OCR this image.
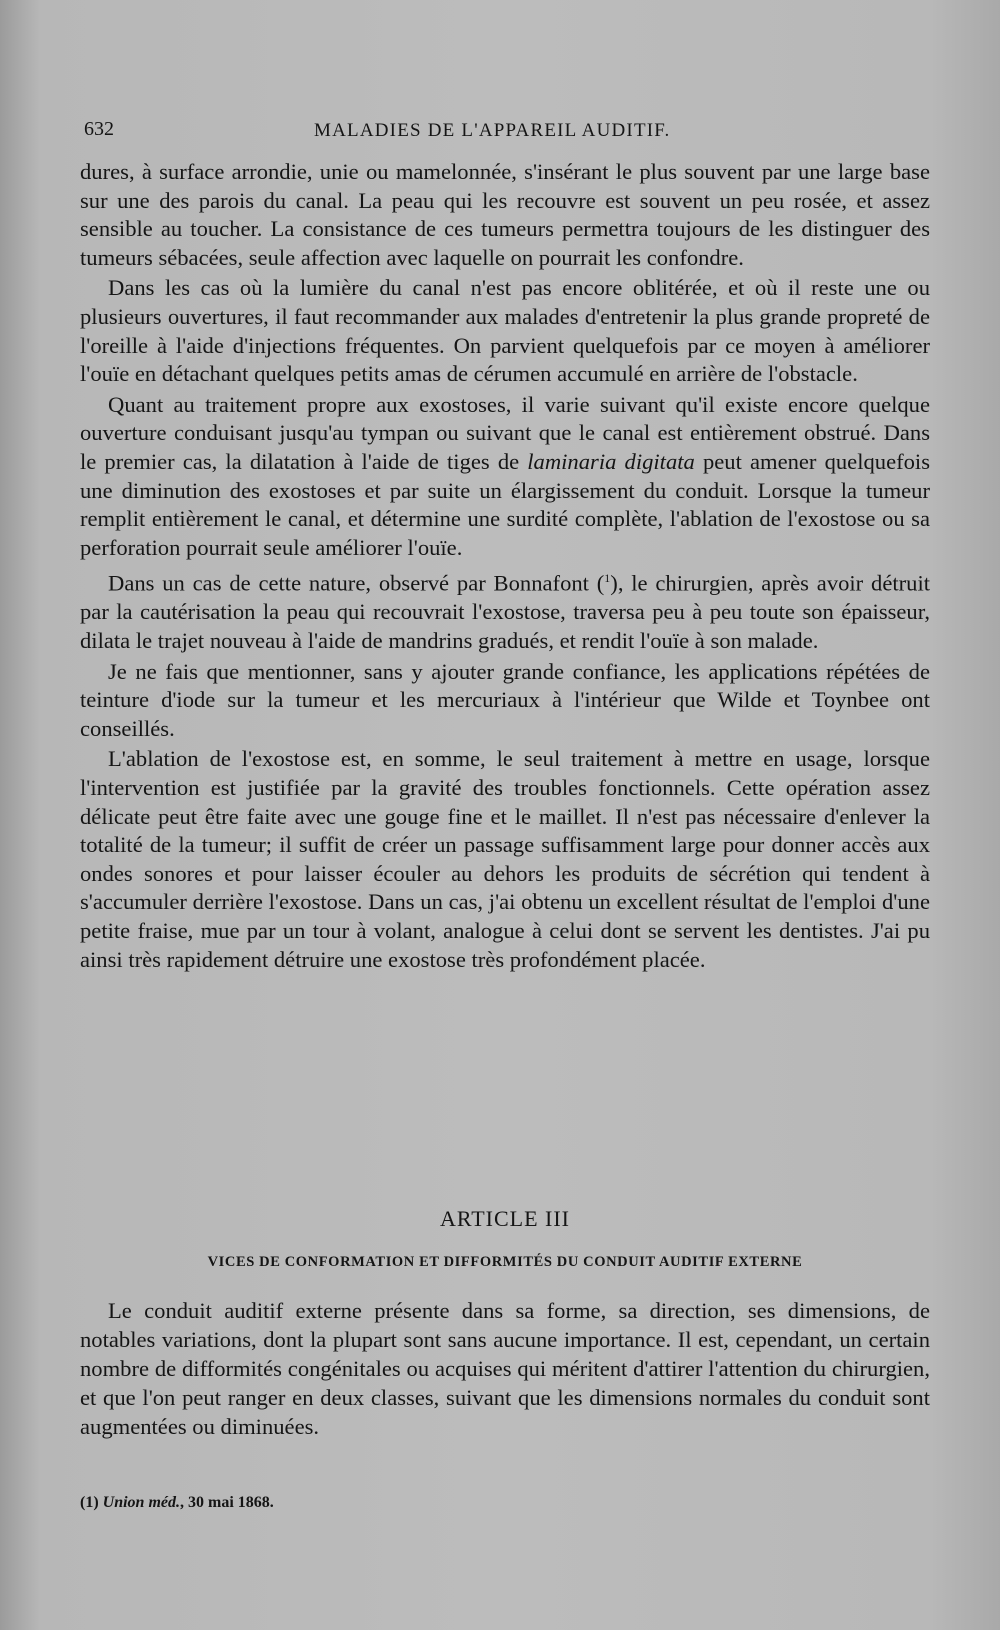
632	MALADIES DE L'APPAREIL AUDITIF.

dures, à surface arrondie, unie ou mamelonnée, s'insérant le plus souvent par une large base sur une des parois du canal. La peau qui les recouvre est souvent un peu rosée, et assez sensible au toucher. La consistance de ces tumeurs permettra toujours de les distinguer des tumeurs sébacées, seule affection avec laquelle on pourrait les confondre.

Dans les cas où la lumière du canal n'est pas encore oblitérée, et où il reste une ou plusieurs ouvertures, il faut recommander aux malades d'entretenir la plus grande propreté de l'oreille à l'aide d'injections fréquentes. On parvient quelquefois par ce moyen à améliorer l'ouïe en détachant quelques petits amas de cérumen accumulé en arrière de l'obstacle.

Quant au traitement propre aux exostoses, il varie suivant qu'il existe encore quelque ouverture conduisant jusqu'au tympan ou suivant que le canal est entièrement obstrué. Dans le premier cas, la dilatation à l'aide de tiges de laminaria digitata peut amener quelquefois une diminution des exostoses et par suite un élargissement du conduit. Lorsque la tumeur remplit entièrement le canal, et détermine une surdité complète, l'ablation de l'exostose ou sa perforation pourrait seule améliorer l'ouïe.

Dans un cas de cette nature, observé par Bonnafont ($^1$), le chirurgien, après avoir détruit par la cautérisation la peau qui recouvrait l'exostose, traversa peu à peu toute son épaisseur, dilata le trajet nouveau à l'aide de mandrins gradués, et rendit l'ouïe à son malade.

Je ne fais que mentionner, sans y ajouter grande confiance, les applications répétées de teinture d'iode sur la tumeur et les mercuriaux à l'intérieur que Wilde et Toynbee ont conseillés.

L'ablation de l'exostose est, en somme, le seul traitement à mettre en usage, lorsque l'intervention est justifiée par la gravité des troubles fonctionnels. Cette opération assez délicate peut être faite avec une gouge fine et le maillet. Il n'est pas nécessaire d'enlever la totalité de la tumeur; il suffit de créer un passage suffisamment large pour donner accès aux ondes sonores et pour laisser écouler au dehors les produits de sécrétion qui tendent à s'accumuler derrière l'exostose. Dans un cas, j'ai obtenu un excellent résultat de l'emploi d'une petite fraise, mue par un tour à volant, analogue à celui dont se servent les dentistes. J'ai pu ainsi très rapidement détruire une exostose très profondément placée.

ARTICLE III
VICES DE CONFORMATION ET DIFFORMITÉS DU CONDUIT AUDITIF EXTERNE

Le conduit auditif externe présente dans sa forme, sa direction, ses dimensions, de notables variations, dont la plupart sont sans aucune importance. Il est, cependant, un certain nombre de difformités congénitales ou acquises qui méritent d'attirer l'attention du chirurgien, et que l'on peut ranger en deux classes, suivant que les dimensions normales du conduit sont augmentées ou diminuées.

(1) Union méd., 30 mai 1868.
